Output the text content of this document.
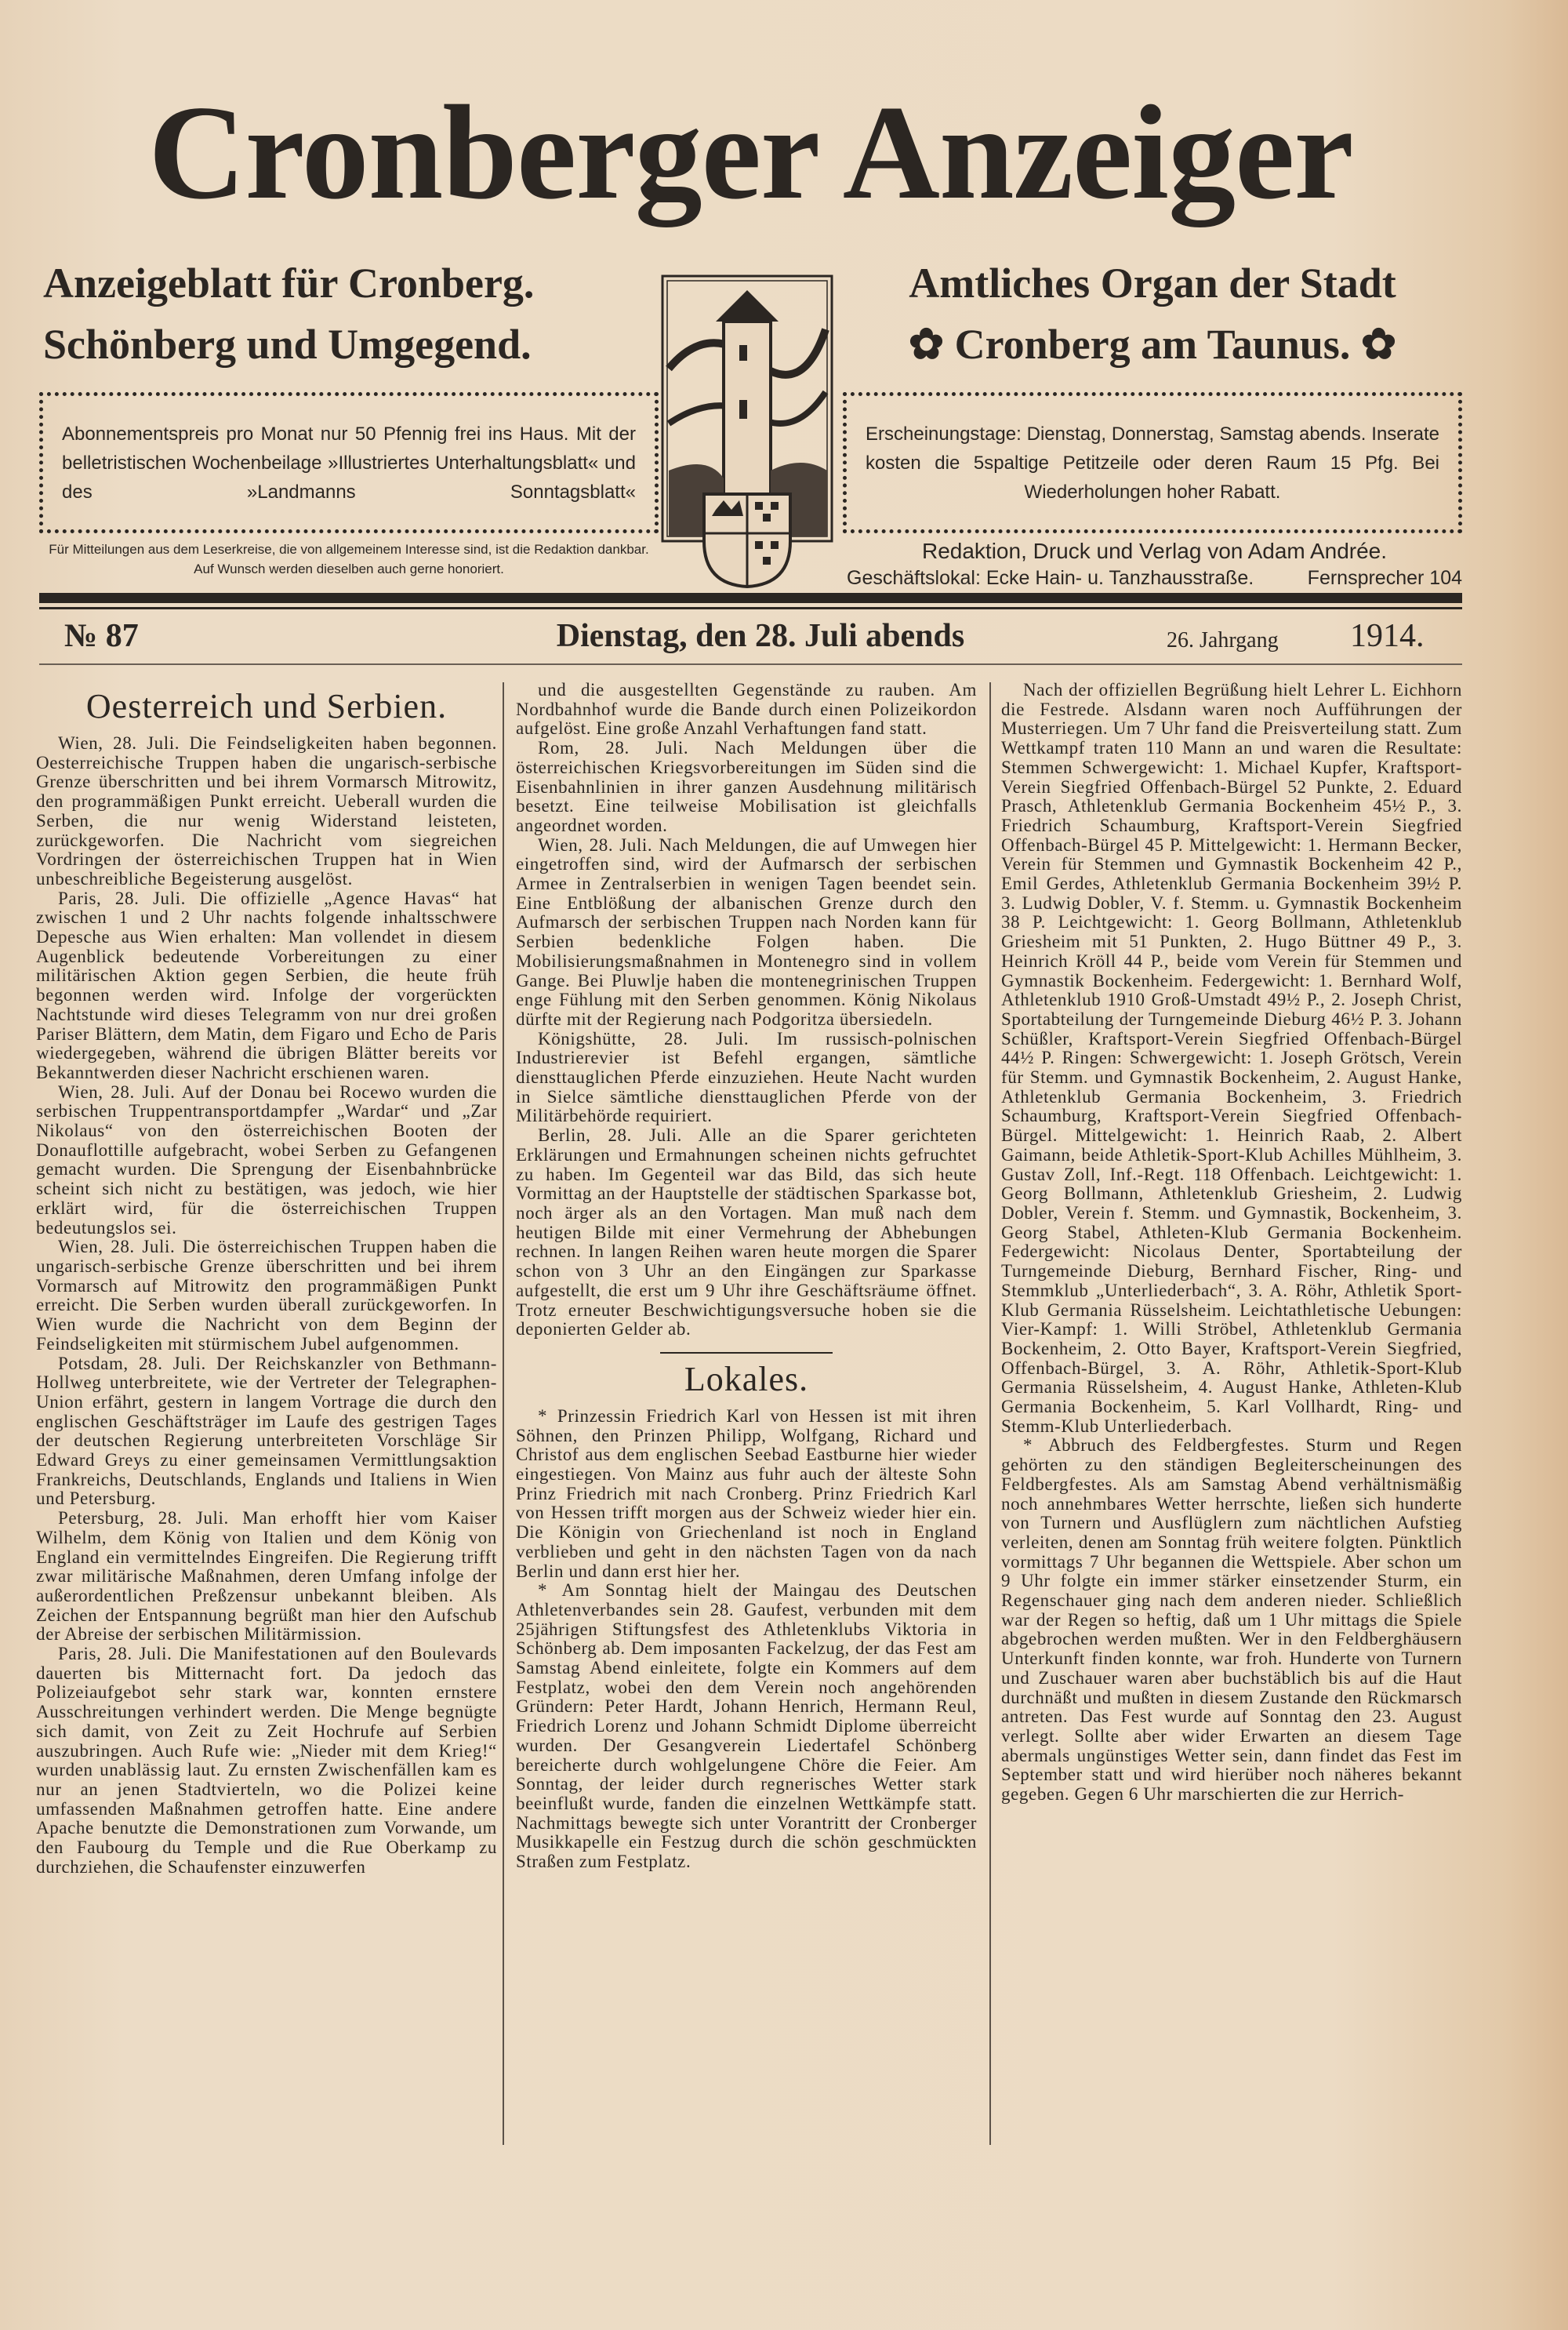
Cronberger Anzeiger
Anzeigeblatt für Cronberg.
Schönberg und Umgegend.
Amtliches Organ der Stadt
✿ Cronberg am Taunus. ✿
Abonnementspreis pro Monat nur 50 Pfennig frei ins Haus. Mit der belletristischen Wochenbeilage »Illustriertes Unterhaltungsblatt« und des »Landmanns Sonntagsblatt«
Für Mitteilungen aus dem Leserkreise, die von allgemeinem Interesse sind, ist die Redaktion dankbar. Auf Wunsch werden dieselben auch gerne honoriert.
Erscheinungstage: Dienstag, Donnerstag, Samstag abends. Inserate kosten die 5spaltige Petitzeile oder deren Raum 15 Pfg. Bei Wiederholungen hoher Rabatt.
Redaktion, Druck und Verlag von Adam Andrée.
Geschäftslokal: Ecke Hain- u. Tanzhausstraße.	Fernsprecher 104
№ 87	Dienstag, den 28. Juli abends	26. Jahrgang 1914.
Oesterreich und Serbien.

Wien, 28. Juli. Die Feindseligkeiten haben begonnen. Oesterreichische Truppen haben die ungarisch-serbische Grenze überschritten und bei ihrem Vormarsch Mitrowitz, den programmäßigen Punkt erreicht. Ueberall wurden die Serben, die nur wenig Widerstand leisteten, zurückgeworfen. Die Nachricht vom siegreichen Vordringen der österreichischen Truppen hat in Wien unbeschreibliche Begeisterung ausgelöst.

Paris, 28. Juli. Die offizielle „Agence Havas“ hat zwischen 1 und 2 Uhr nachts folgende inhaltsschwere Depesche aus Wien erhalten: Man vollendet in diesem Augenblick bedeutende Vorbereitungen zu einer militärischen Aktion gegen Serbien, die heute früh begonnen werden wird. Infolge der vorgerückten Nachtstunde wird dieses Telegramm von nur drei großen Pariser Blättern, dem Matin, dem Figaro und Echo de Paris wiedergegeben, während die übrigen Blätter bereits vor Bekanntwerden dieser Nachricht erschienen waren.

Wien, 28. Juli. Auf der Donau bei Rocewo wurden die serbischen Truppentransportdampfer „Wardar“ und „Zar Nikolaus“ von den österreichischen Booten der Donauflottille aufgebracht, wobei Serben zu Gefangenen gemacht wurden. Die Sprengung der Eisenbahnbrücke scheint sich nicht zu bestätigen, was jedoch, wie hier erklärt wird, für die österreichischen Truppen bedeutungslos sei.

Wien, 28. Juli. Die österreichischen Truppen haben die ungarisch-serbische Grenze überschritten und bei ihrem Vormarsch auf Mitrowitz den programmäßigen Punkt erreicht. Die Serben wurden überall zurückgeworfen. In Wien wurde die Nachricht von dem Beginn der Feindseligkeiten mit stürmischem Jubel aufgenommen.

Potsdam, 28. Juli. Der Reichskanzler von Bethmann-Hollweg unterbreitete, wie der Vertreter der Telegraphen-Union erfährt, gestern in langem Vortrage die durch den englischen Geschäftsträger im Laufe des gestrigen Tages der deutschen Regierung unterbreiteten Vorschläge Sir Edward Greys zu einer gemeinsamen Vermittlungsaktion Frankreichs, Deutschlands, Englands und Italiens in Wien und Petersburg.

Petersburg, 28. Juli. Man erhofft hier vom Kaiser Wilhelm, dem König von Italien und dem König von England ein vermittelndes Eingreifen. Die Regierung trifft zwar militärische Maßnahmen, deren Umfang infolge der außerordentlichen Preßzensur unbekannt bleiben. Als Zeichen der Entspannung begrüßt man hier den Aufschub der Abreise der serbischen Militärmission.

Paris, 28. Juli. Die Manifestationen auf den Boulevards dauerten bis Mitternacht fort. Da jedoch das Polizeiaufgebot sehr stark war, konnten ernstere Ausschreitungen verhindert werden. Die Menge begnügte sich damit, von Zeit zu Zeit Hochrufe auf Serbien auszubringen. Auch Rufe wie: „Nieder mit dem Krieg!“ wurden unablässig laut. Zu ernsten Zwischenfällen kam es nur an jenen Stadtvierteln, wo die Polizei keine umfassenden Maßnahmen getroffen hatte. Eine andere Apache benutzte die Demonstrationen zum Vorwande, um den Faubourg du Temple und die Rue Oberkamp zu durchziehen, die Schaufenster einzuwerfen

und die ausgestellten Gegenstände zu rauben. Am Nordbahnhof wurde die Bande durch einen Polizeikordon aufgelöst. Eine große Anzahl Verhaftungen fand statt.

Rom, 28. Juli. Nach Meldungen über die österreichischen Kriegsvorbereitungen im Süden sind die Eisenbahnlinien in ihrer ganzen Ausdehnung militärisch besetzt. Eine teilweise Mobilisation ist gleichfalls angeordnet worden.

Wien, 28. Juli. Nach Meldungen, die auf Umwegen hier eingetroffen sind, wird der Aufmarsch der serbischen Armee in Zentralserbien in wenigen Tagen beendet sein. Eine Entblößung der albanischen Grenze durch den Aufmarsch der serbischen Truppen nach Norden kann für Serbien bedenkliche Folgen haben. Die Mobilisierungsmaßnahmen in Montenegro sind in vollem Gange. Bei Pluwlje haben die montenegrinischen Truppen enge Fühlung mit den Serben genommen. König Nikolaus dürfte mit der Regierung nach Podgoritza übersiedeln.

Königshütte, 28. Juli. Im russisch-polnischen Industrierevier ist Befehl ergangen, sämtliche diensttauglichen Pferde einzuziehen. Heute Nacht wurden in Sielce sämtliche diensttauglichen Pferde von der Militärbehörde requiriert.

Berlin, 28. Juli. Alle an die Sparer gerichteten Erklärungen und Ermahnungen scheinen nichts gefruchtet zu haben. Im Gegenteil war das Bild, das sich heute Vormittag an der Hauptstelle der städtischen Sparkasse bot, noch ärger als an den Vortagen. Man muß nach dem heutigen Bilde mit einer Vermehrung der Abhebungen rechnen. In langen Reihen waren heute morgen die Sparer schon von 3 Uhr an den Eingängen zur Sparkasse aufgestellt, die erst um 9 Uhr ihre Geschäftsräume öffnet. Trotz erneuter Beschwichtigungsversuche hoben sie die deponierten Gelder ab.

Lokales.

* Prinzessin Friedrich Karl von Hessen ist mit ihren Söhnen, den Prinzen Philipp, Wolfgang, Richard und Christof aus dem englischen Seebad Eastburne hier wieder eingestiegen. Von Mainz aus fuhr auch der älteste Sohn Prinz Friedrich mit nach Cronberg. Prinz Friedrich Karl von Hessen trifft morgen aus der Schweiz wieder hier ein. Die Königin von Griechenland ist noch in England verblieben und geht in den nächsten Tagen von da nach Berlin und dann erst hier her.

* Am Sonntag hielt der Maingau des Deutschen Athletenverbandes sein 28. Gaufest, verbunden mit dem 25jährigen Stiftungsfest des Athletenklubs Viktoria in Schönberg ab. Dem imposanten Fackelzug, der das Fest am Samstag Abend einleitete, folgte ein Kommers auf dem Festplatz, wobei den dem Verein noch angehörenden Gründern: Peter Hardt, Johann Henrich, Hermann Reul, Friedrich Lorenz und Johann Schmidt Diplome überreicht wurden. Der Gesangverein Liedertafel Schönberg bereicherte durch wohlgelungene Chöre die Feier. Am Sonntag, der leider durch regnerisches Wetter stark beeinflußt wurde, fanden die einzelnen Wettkämpfe statt. Nachmittags bewegte sich unter Vorantritt der Cronberger Musikkapelle ein Festzug durch die schön geschmückten Straßen zum Festplatz.

Nach der offiziellen Begrüßung hielt Lehrer L. Eichhorn die Festrede. Alsdann waren noch Aufführungen der Musterriegen. Um 7 Uhr fand die Preisverteilung statt. Zum Wettkampf traten 110 Mann an und waren die Resultate: Stemmen Schwergewicht: 1. Michael Kupfer, Kraftsport-Verein Siegfried Offenbach-Bürgel 52 Punkte, 2. Eduard Prasch, Athletenklub Germania Bockenheim 45½ P., 3. Friedrich Schaumburg, Kraftsport-Verein Siegfried Offenbach-Bürgel 45 P. Mittelgewicht: 1. Hermann Becker, Verein für Stemmen und Gymnastik Bockenheim 42 P., Emil Gerdes, Athletenklub Germania Bockenheim 39½ P. 3. Ludwig Dobler, V. f. Stemm. u. Gymnastik Bockenheim 38 P. Leichtgewicht: 1. Georg Bollmann, Athletenklub Griesheim mit 51 Punkten, 2. Hugo Büttner 49 P., 3. Heinrich Kröll 44 P., beide vom Verein für Stemmen und Gymnastik Bockenheim. Federgewicht: 1. Bernhard Wolf, Athletenklub 1910 Groß-Umstadt 49½ P., 2. Joseph Christ, Sportabteilung der Turngemeinde Dieburg 46½ P. 3. Johann Schüßler, Kraftsport-Verein Siegfried Offenbach-Bürgel 44½ P. Ringen: Schwergewicht: 1. Joseph Grötsch, Verein für Stemm. und Gymnastik Bockenheim, 2. August Hanke, Athletenklub Germania Bockenheim, 3. Friedrich Schaumburg, Kraftsport-Verein Siegfried Offenbach-Bürgel. Mittelgewicht: 1. Heinrich Raab, 2. Albert Gaimann, beide Athletik-Sport-Klub Achilles Mühlheim, 3. Gustav Zoll, Inf.-Regt. 118 Offenbach. Leichtgewicht: 1. Georg Bollmann, Athletenklub Griesheim, 2. Ludwig Dobler, Verein f. Stemm. und Gymnastik, Bockenheim, 3. Georg Stabel, Athleten-Klub Germania Bockenheim. Federgewicht: Nicolaus Denter, Sportabteilung der Turngemeinde Dieburg, Bernhard Fischer, Ring- und Stemmklub „Unterliederbach“, 3. A. Röhr, Athletik Sport-Klub Germania Rüsselsheim. Leichtathletische Uebungen: Vier-Kampf: 1. Willi Ströbel, Athletenklub Germania Bockenheim, 2. Otto Bayer, Kraftsport-Verein Siegfried, Offenbach-Bürgel, 3. A. Röhr, Athletik-Sport-Klub Germania Rüsselsheim, 4. August Hanke, Athleten-Klub Germania Bockenheim, 5. Karl Vollhardt, Ring- und Stemm-Klub Unterliederbach.

* Abbruch des Feldbergfestes. Sturm und Regen gehörten zu den ständigen Begleiterscheinungen des Feldbergfestes. Als am Samstag Abend verhältnismäßig noch annehmbares Wetter herrschte, ließen sich hunderte von Turnern und Ausflüglern zum nächtlichen Aufstieg verleiten, denen am Sonntag früh weitere folgten. Pünktlich vormittags 7 Uhr begannen die Wettspiele. Aber schon um 9 Uhr folgte ein immer stärker einsetzender Sturm, ein Regenschauer ging nach dem anderen nieder. Schließlich war der Regen so heftig, daß um 1 Uhr mittags die Spiele abgebrochen werden mußten. Wer in den Feldberghäusern Unterkunft finden konnte, war froh. Hunderte von Turnern und Zuschauer waren aber buchstäblich bis auf die Haut durchnäßt und mußten in diesem Zustande den Rückmarsch antreten. Das Fest wurde auf Sonntag den 23. August verlegt. Sollte aber wider Erwarten an diesem Tage abermals ungünstiges Wetter sein, dann findet das Fest im September statt und wird hierüber noch näheres bekannt gegeben. Gegen 6 Uhr marschierten die zur Herrich-
